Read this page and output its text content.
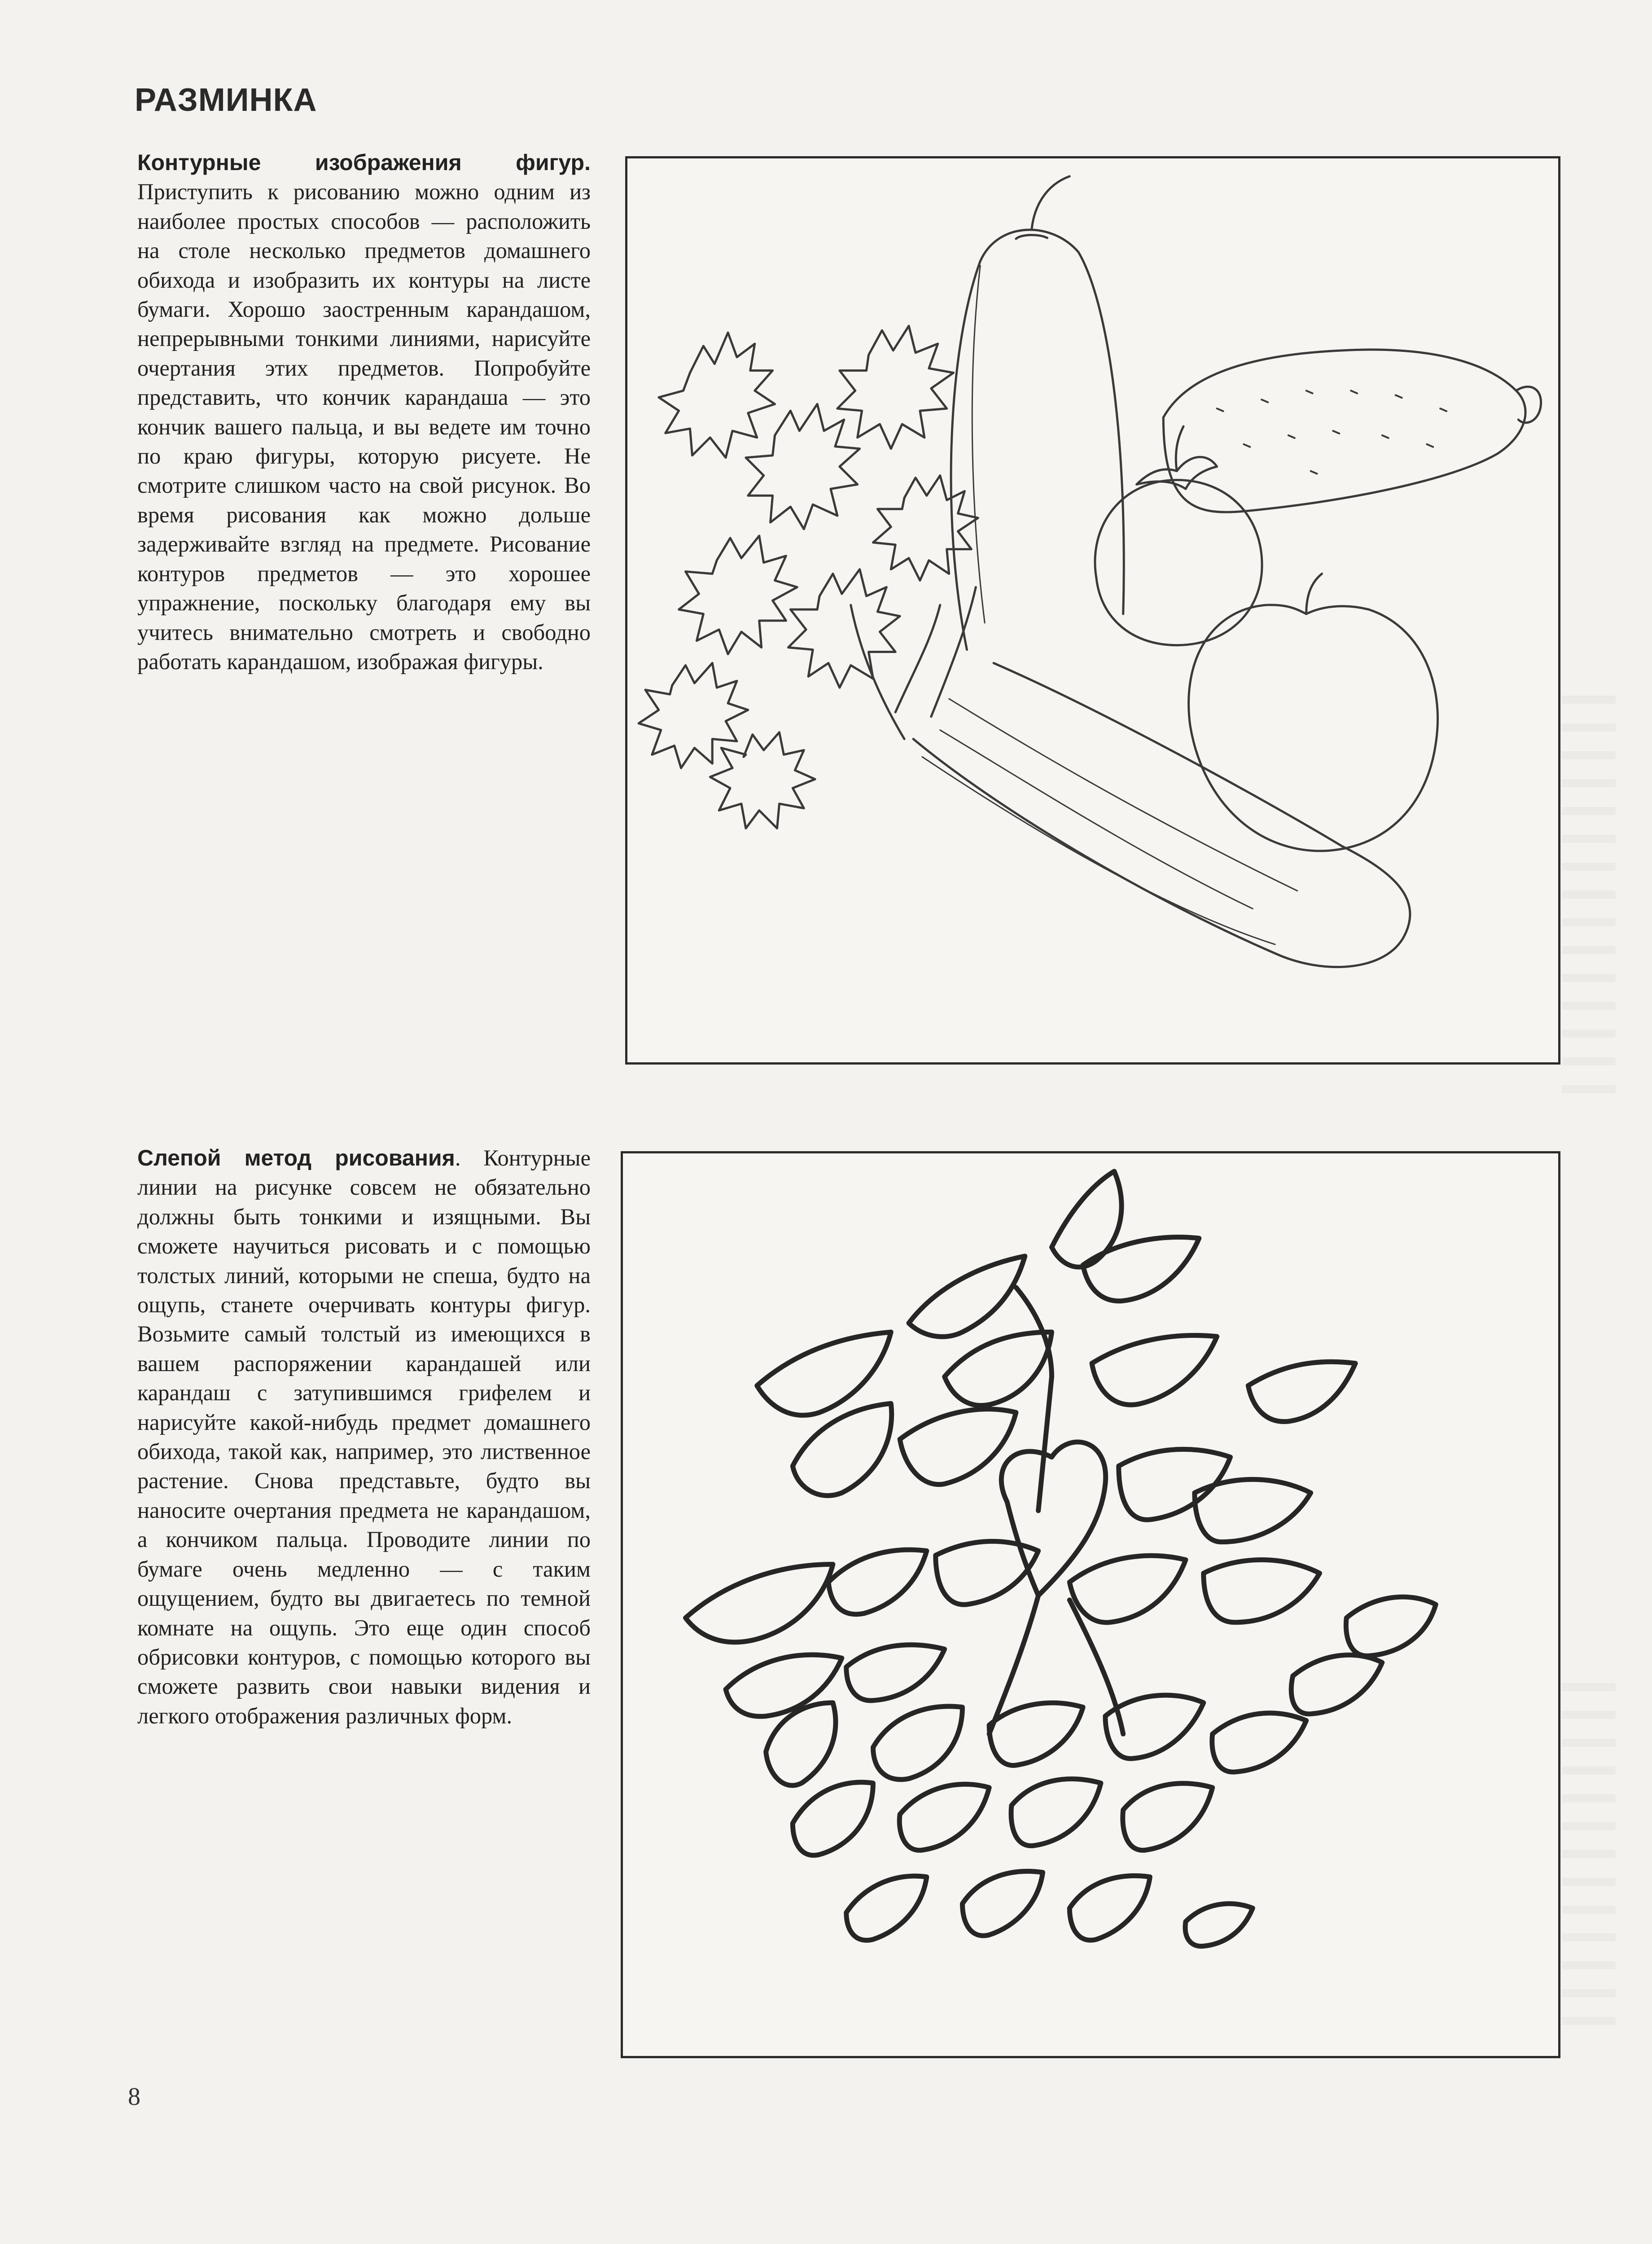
РАЗМИНКА
Контурные изображения фигур. Приступить к рисованию можно одним из наиболее простых способов — расположить на столе несколько предметов домашнего обихода и изобразить их контуры на листе бумаги. Хорошо заостренным карандашом, непрерывными тонкими линиями, нарисуйте очертания этих предметов. Попробуйте представить, что кончик карандаша — это кончик вашего пальца, и вы ведете им точно по краю фигуры, которую рисуете. Не смотрите слишком часто на свой рисунок. Во время рисования как можно дольше задерживайте взгляд на предмете. Рисование контуров предметов — это хорошее упражнение, поскольку благодаря ему вы учитесь внимательно смотреть и свободно работать карандашом, изображая фигуры.
Слепой метод рисования. Контурные линии на рисунке совсем не обязательно должны быть тонкими и изящными. Вы сможете научиться рисовать и с помощью толстых линий, которыми не спеша, будто на ощупь, станете очерчивать контуры фигур. Возьмите самый толстый из имеющихся в вашем распоряжении карандашей или карандаш с затупившимся грифелем и нарисуйте какой-нибудь предмет домашнего обихода, такой как, например, это лиственное растение. Снова представьте, будто вы наносите очертания предмета не карандашом, а кончиком пальца. Проводите линии по бумаге очень медленно — с таким ощущением, будто вы двигаетесь по темной комнате на ощупь. Это еще один способ обрисовки контуров, с помощью которого вы сможете развить свои навыки видения и легкого отображения различных форм.
8
